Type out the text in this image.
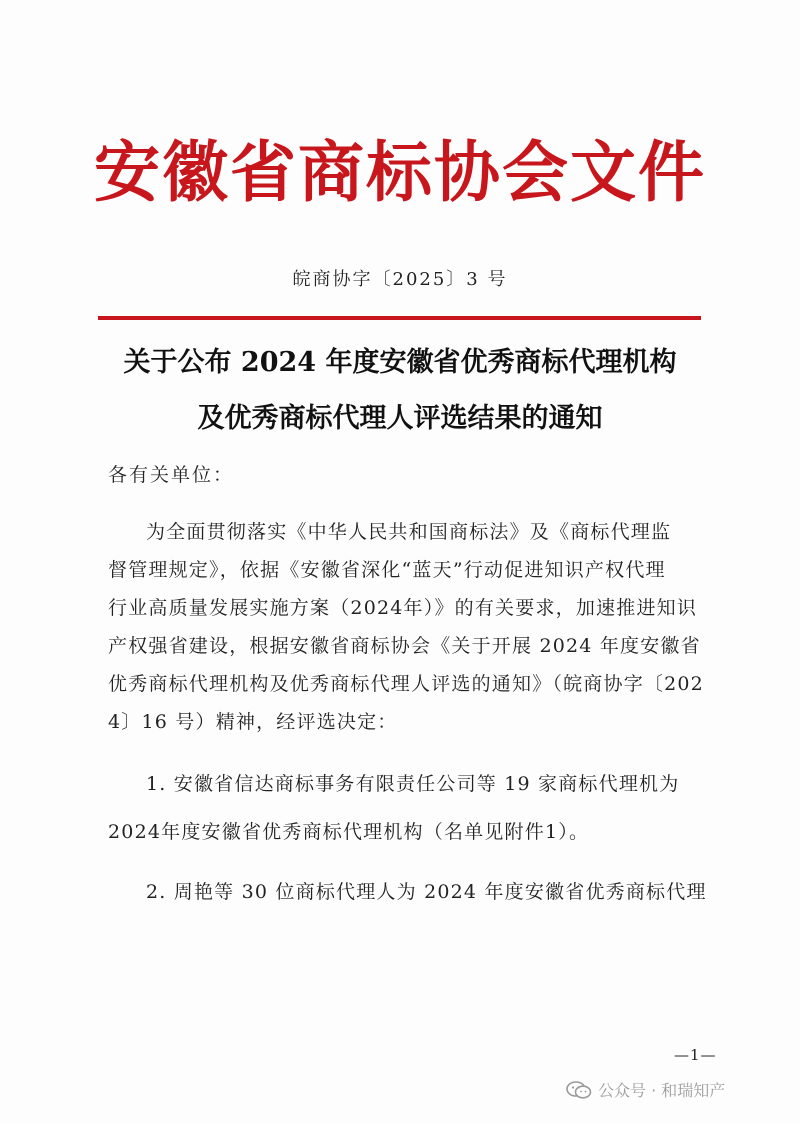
安徽省商标协会文件
皖商协字〔2025〕3 号
关于公布 2024 年度安徽省优秀商标代理机构
及优秀商标代理人评选结果的通知
各有关单位：
为全面贯彻落实《中华人民共和国商标法》及《商标代理监
督管理规定》，依据《安徽省深化“蓝天”行动促进知识产权代理
行业高质量发展实施方案（2024年）》的有关要求，加速推进知识
产权强省建设，根据安徽省商标协会《关于开展 2024 年度安徽省
优秀商标代理机构及优秀商标代理人评选的通知》（皖商协字〔202
4〕16 号）精神，经评选决定：
1. 安徽省信达商标事务有限责任公司等 19 家商标代理机为
2024年度安徽省优秀商标代理机构（名单见附件1）。
2. 周艳等 30 位商标代理人为 2024 年度安徽省优秀商标代理
—1—
公众号 · 和瑞知产
